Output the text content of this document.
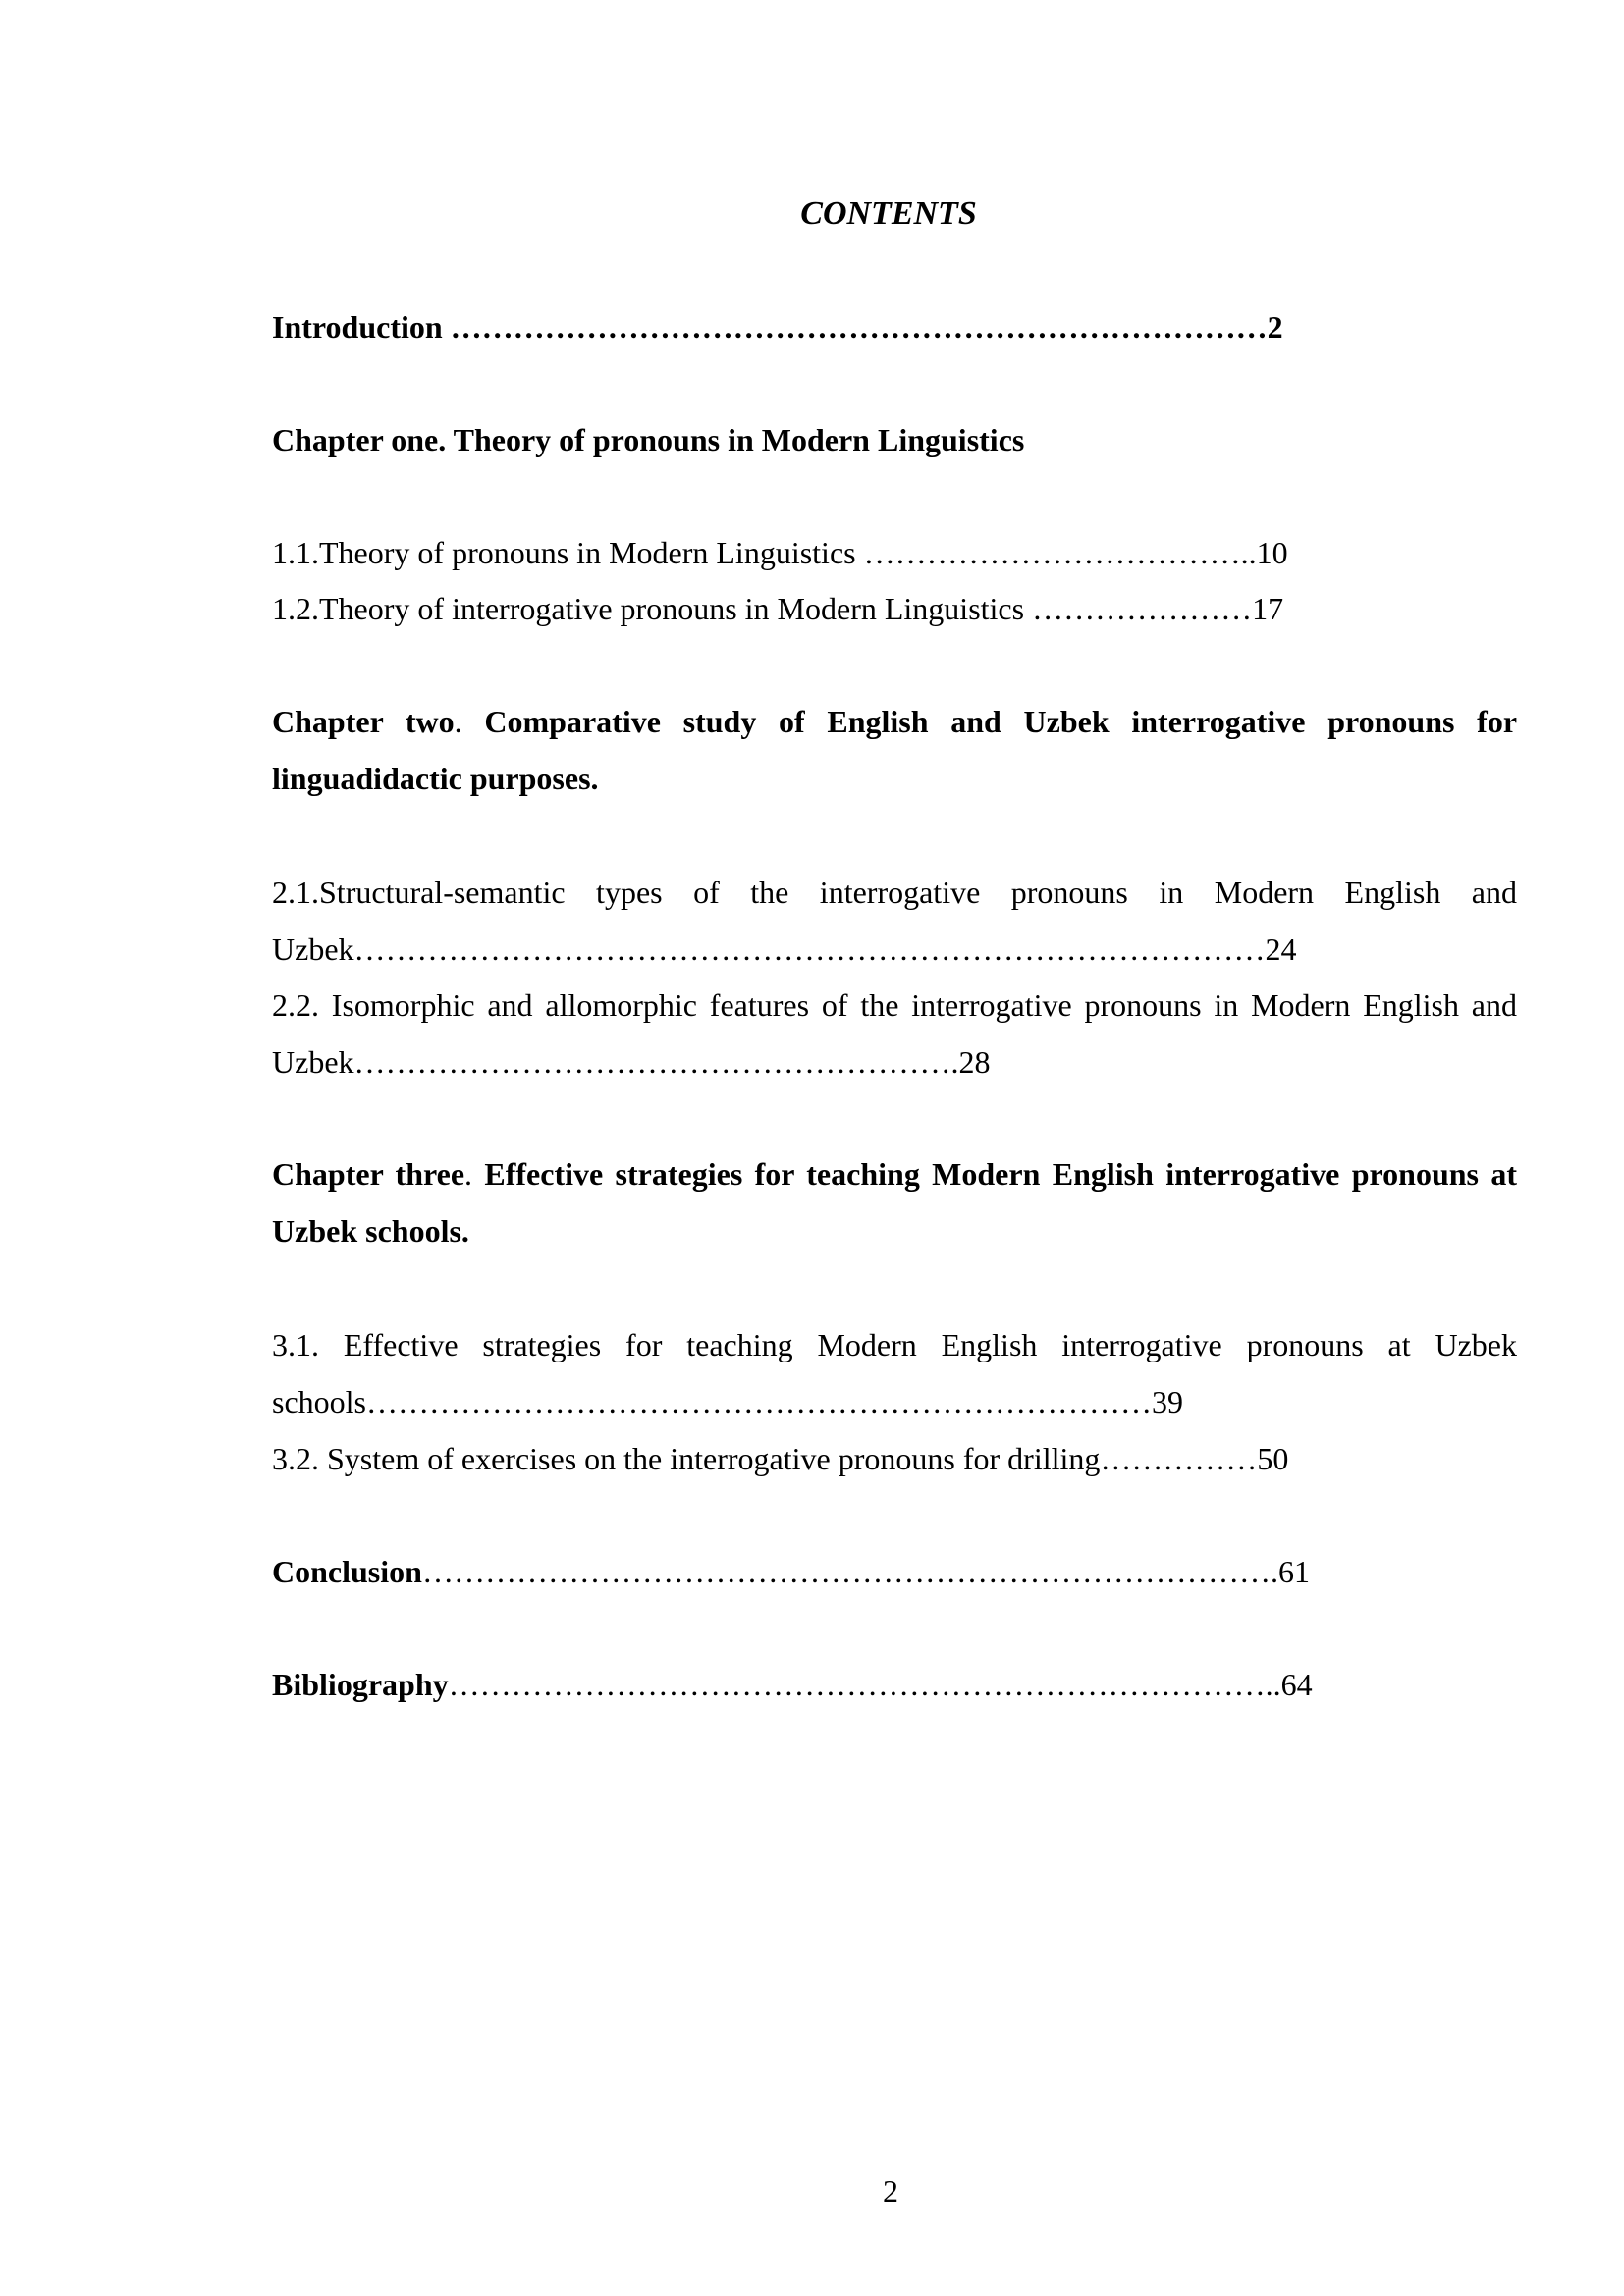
CONTENTS

Introduction ……………………………………………………………………2

Chapter one. Theory of pronouns in Modern Linguistics

1.1.Theory of pronouns in Modern Linguistics ………………………………..10

1.2.Theory of interrogative pronouns in Modern Linguistics …………………17

Chapter two. Comparative study of English and Uzbek interrogative pronouns for linguadidactic purposes.

2.1.Structural-semantic types of the interrogative pronouns in Modern English and Uzbek……………………………………………………………………………24

2.2. Isomorphic and allomorphic features of the interrogative pronouns in Modern English and Uzbek………………………………………………….28

Chapter three. Effective strategies for teaching Modern English interrogative pronouns at Uzbek schools.

3.1. Effective strategies for teaching Modern English interrogative pronouns at Uzbek schools…………………………………………………………………39

3.2. System of exercises on the interrogative pronouns for drilling……………50

Conclusion……………………………………………………………………….61

Bibliography……………………………………………………………………..64

2
